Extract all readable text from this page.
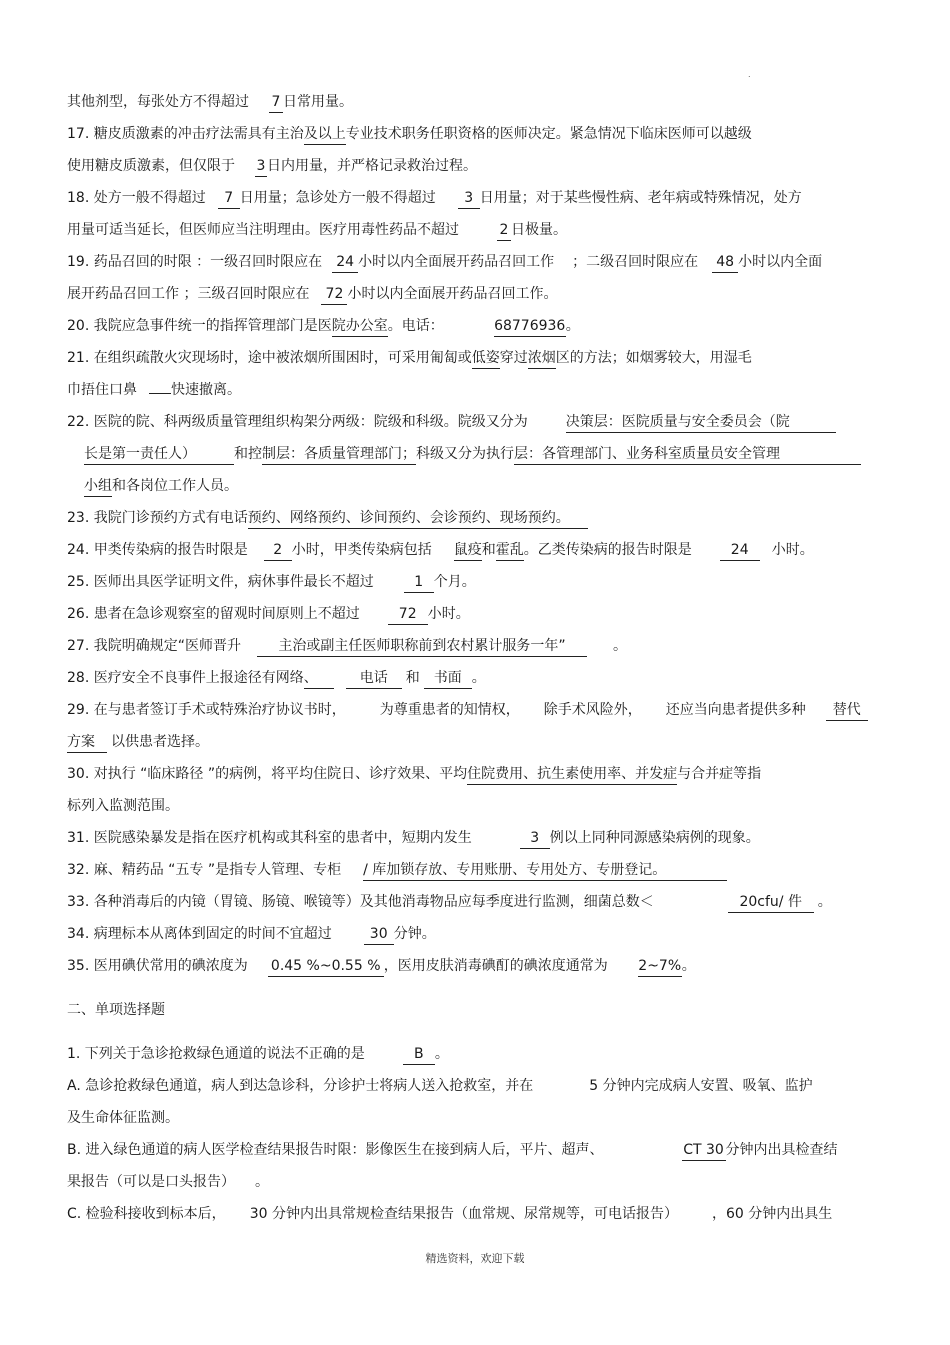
.
其他剂型，每张处方不得超过 7 日常用量。
17. 糖皮质激素的冲击疗法需具有主治及以上专业技术职务任职资格的医师决定。紧急情况下临床医师可以越级
使用糖皮质激素，但仅限于 3 日内用量，并严格记录救治过程。
18. 处方一般不得超过 7 日用量；急诊处方一般不得超过 3 日用量；对于某些慢性病、老年病或特殊情况，处方
用量可适当延长，但医师应当注明理由。医疗用毒性药品不超过	2 日极量。
19. 药品召回的时限 ：一级召回时限应在 24 小时以内全面展开药品召回工作 ；二级召回时限应在 48 小时以内全面
展开药品召回工作 ；三级召回时限应在 72 小时以内全面展开药品召回工作。
20. 我院应急事件统一的指挥管理部门是医院办公室。电话：	68776936。
21. 在组织疏散火灾现场时，途中被浓烟所围困时，可采用匍匐或低姿穿过浓烟区的方法；如烟雾较大，用湿毛
巾捂住口鼻 快速撤离。
22. 医院的院、科两级质量管理组织构架分两级：院级和科级。院级又分为	决策层：医院质量与安全委员会（院
长是第一责任人）	和控制层：各质量管理部门；科级又分为执行层：各管理部门、业务科室质量员安全管理
小组和各岗位工作人员。
23. 我院门诊预约方式有电话预约、网络预约、诊间预约、会诊预约、现场预约。
24. 甲类传染病的报告时限是 2 小时，甲类传染病包括 鼠疫和霍乱。乙类传染病的报告时限是	24 小时。
25. 医师出具医学证明文件，病休事件最长不超过	1 个月。
26. 患者在急诊观察室的留观时间原则上不超过	72 小时。
27. 我院明确规定“医师晋升	主治或副主任医师职称前到农村累计服务一年”	。
28. 医疗安全不良事件上报途径有网络、	电话 和 书面 。
29. 在与患者签订手术或特殊治疗协议书时， 为尊重患者的知情权， 除手术风险外， 还应当向患者提供多种 替代
方案 以供患者选择。
30. 对执行 “临床路径 ”的病例，将平均住院日、诊疗效果、平均住院费用、抗生素使用率、并发症与合并症等指
标列入监测范围。
31. 医院感染暴发是指在医疗机构或其科室的患者中，短期内发生	3 例以上同种同源感染病例的现象。
32. 麻、精药品 “五专 ”是指专人管理、专柜 / 库加锁存放、专用账册、专用处方、专册登记。
33. 各种消毒后的内镜（胃镜、肠镜、喉镜等）及其他消毒物品应每季度进行监测，细菌总数＜	20cfu/ 件 。
34. 病理标本从离体到固定的时间不宜超过	30 分钟。
35. 医用碘伏常用的碘浓度为 0.45 %~0.55 % ，医用皮肤消毒碘酊的碘浓度通常为 2~7%。
二、单项选择题
1. 下列关于急诊抢救绿色通道的说法不正确的是	B 。
A. 急诊抢救绿色通道，病人到达急诊科，分诊护士将病人送入抢救室，并在	5 分钟内完成病人安置、吸氧、监护
及生命体征监测。
B. 进入绿色通道的病人医学检查结果报告时限：影像医生在接到病人后，平片、超声、	CT 30 分钟内出具检查结
果报告（可以是口头报告） 。
C. 检验科接收到标本后， 30 分钟内出具常规检查结果报告（血常规、尿常规等，可电话报告） ，60 分钟内出具生
精选资料，欢迎下载
